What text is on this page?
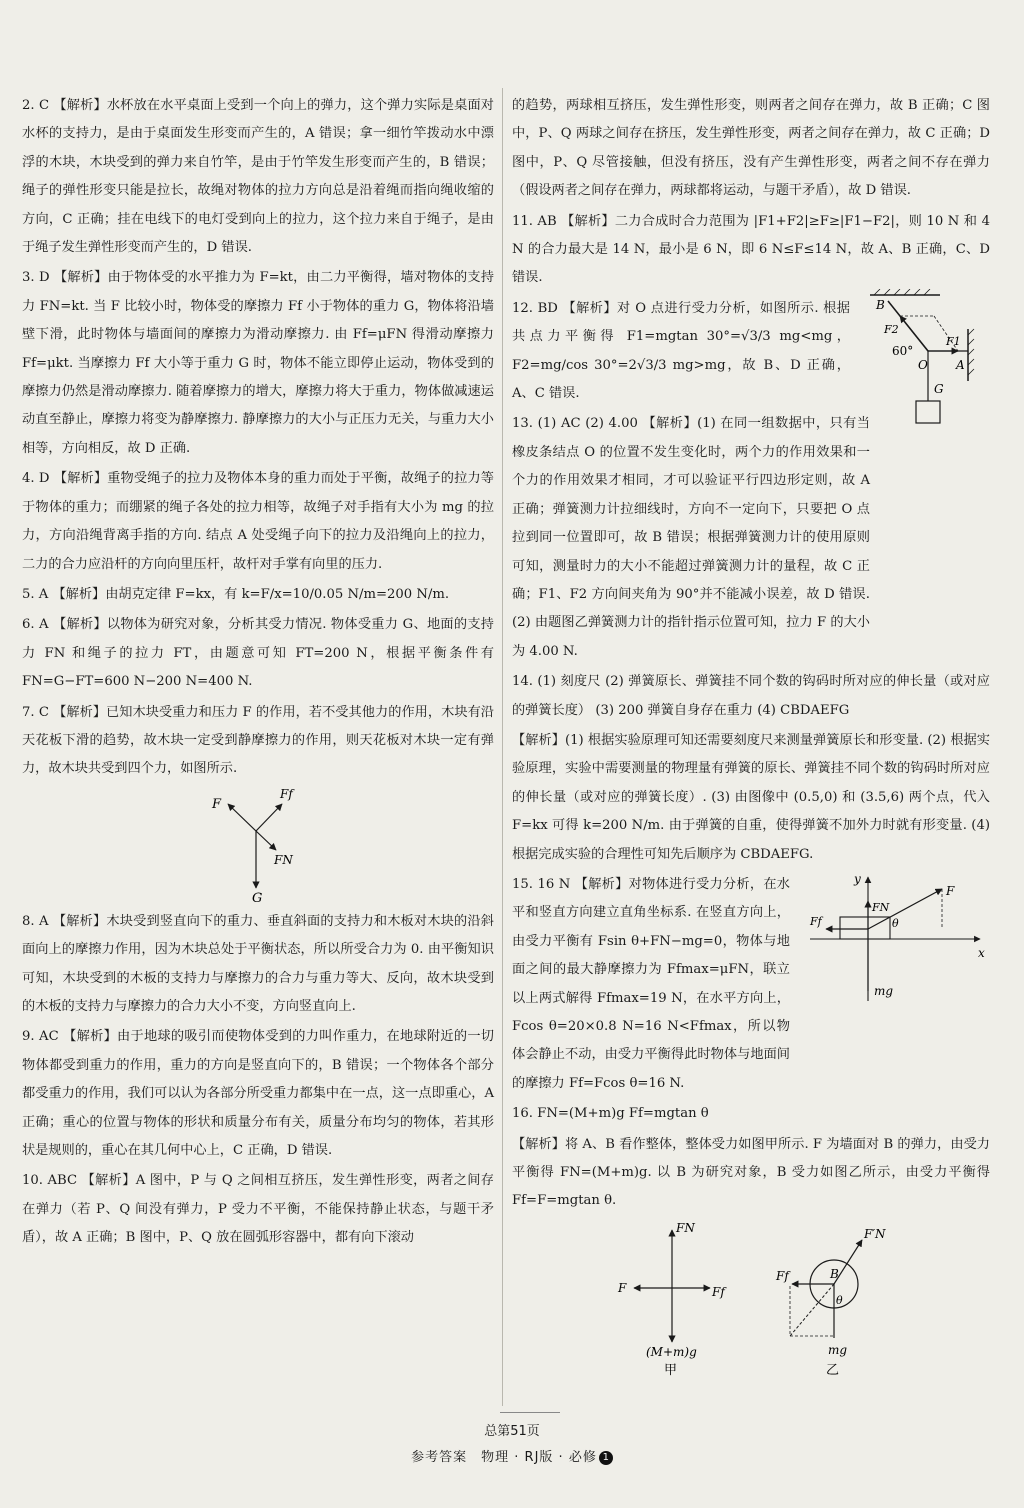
2. C 【解析】水杯放在水平桌面上受到一个向上的弹力，这个弹力实际是桌面对水杯的支持力，是由于桌面发生形变而产生的，A 错误；拿一细竹竿拨动水中漂浮的木块，木块受到的弹力来自竹竿，是由于竹竿发生形变而产生的，B 错误；绳子的弹性形变只能是拉长，故绳对物体的拉力方向总是沿着绳而指向绳收缩的方向，C 正确；挂在电线下的电灯受到向上的拉力，这个拉力来自于绳子，是由于绳子发生弹性形变而产生的，D 错误.

3. D 【解析】由于物体受的水平推力为 F=kt，由二力平衡得，墙对物体的支持力 FN=kt. 当 F 比较小时，物体受的摩擦力 Ff 小于物体的重力 G，物体将沿墙壁下滑，此时物体与墙面间的摩擦力为滑动摩擦力. 由 Ff=μFN 得滑动摩擦力 Ff=μkt. 当摩擦力 Ff 大小等于重力 G 时，物体不能立即停止运动，物体受到的摩擦力仍然是滑动摩擦力. 随着摩擦力的增大，摩擦力将大于重力，物体做减速运动直至静止，摩擦力将变为静摩擦力. 静摩擦力的大小与正压力无关，与重力大小相等，方向相反，故 D 正确.

4. D 【解析】重物受绳子的拉力及物体本身的重力而处于平衡，故绳子的拉力等于物体的重力；而绷紧的绳子各处的拉力相等，故绳子对手指有大小为 mg 的拉力，方向沿绳背离手指的方向. 结点 A 处受绳子向下的拉力及沿绳向上的拉力，二力的合力应沿杆的方向向里压杆，故杆对手掌有向里的压力.

5. A 【解析】由胡克定律 F=kx，有 k=F/x=10/0.05 N/m=200 N/m.

6. A 【解析】以物体为研究对象，分析其受力情况. 物体受重力 G、地面的支持力 FN 和绳子的拉力 FT，由题意可知 FT=200 N，根据平衡条件有 FN=G−FT=600 N−200 N=400 N.

7. C 【解析】已知木块受重力和压力 F 的作用，若不受其他力的作用，木块有沿天花板下滑的趋势，故木块一定受到静摩擦力的作用，则天花板对木块一定有弹力，故木块共受到四个力，如图所示.

F
Ff
FN
G

8. A 【解析】木块受到竖直向下的重力、垂直斜面的支持力和木板对木块的沿斜面向上的摩擦力作用，因为木块总处于平衡状态，所以所受合力为 0. 由平衡知识可知，木块受到的木板的支持力与摩擦力的合力与重力等大、反向，故木块受到的木板的支持力与摩擦力的合力大小不变，方向竖直向上.

9. AC 【解析】由于地球的吸引而使物体受到的力叫作重力，在地球附近的一切物体都受到重力的作用，重力的方向是竖直向下的，B 错误；一个物体各个部分都受重力的作用，我们可以认为各部分所受重力都集中在一点，这一点即重心，A 正确；重心的位置与物体的形状和质量分布有关，质量分布均匀的物体，若其形状是规则的，重心在其几何中心上，C 正确，D 错误.

10. ABC 【解析】A 图中，P 与 Q 之间相互挤压，发生弹性形变，两者之间存在弹力（若 P、Q 间没有弹力，P 受力不平衡，不能保持静止状态，与题干矛盾），故 A 正确；B 图中，P、Q 放在圆弧形容器中，都有向下滚动

的趋势，两球相互挤压，发生弹性形变，则两者之间存在弹力，故 B 正确；C 图中，P、Q 两球之间存在挤压，发生弹性形变，两者之间存在弹力，故 C 正确；D 图中，P、Q 尽管接触，但没有挤压，没有产生弹性形变，两者之间不存在弹力（假设两者之间存在弹力，两球都将运动，与题干矛盾），故 D 错误.

11. AB 【解析】二力合成时合力范围为 |F1+F2|≥F≥|F1−F2|，则 10 N 和 4 N 的合力最大是 14 N，最小是 6 N，即 6 N≤F≤14 N，故 A、B 正确，C、D 错误.

12. BD 【解析】对 O 点进行受力分析，如图所示. 根据共点力平衡得 F1=mgtan 30°=√3/3 mg<mg，F2=mg/cos 30°=2√3/3 mg>mg，故 B、D 正确，A、C 错误.

B
F2
60°
O
F1
A
G

13. (1) AC (2) 4.00 【解析】(1) 在同一组数据中，只有当橡皮条结点 O 的位置不发生变化时，两个力的作用效果和一个力的作用效果才相同，才可以验证平行四边形定则，故 A 正确；弹簧测力计拉细线时，方向不一定向下，只要把 O 点拉到同一位置即可，故 B 错误；根据弹簧测力计的使用原则可知，测量时力的大小不能超过弹簧测力计的量程，故 C 正确；F1、F2 方向间夹角为 90°并不能减小误差，故 D 错误. (2) 由题图乙弹簧测力计的指针指示位置可知，拉力 F 的大小为 4.00 N.

14. (1) 刻度尺 (2) 弹簧原长、弹簧挂不同个数的钩码时所对应的伸长量（或对应的弹簧长度） (3) 200 弹簧自身存在重力 (4) CBDAEFG

【解析】(1) 根据实验原理可知还需要刻度尺来测量弹簧原长和形变量. (2) 根据实验原理，实验中需要测量的物理量有弹簧的原长、弹簧挂不同个数的钩码时所对应的伸长量（或对应的弹簧长度）. (3) 由图像中 (0.5,0) 和 (3.5,6) 两个点，代入 F=kx 可得 k=200 N/m. 由于弹簧的自重，使得弹簧不加外力时就有形变量. (4) 根据完成实验的合理性可知先后顺序为 CBDAEFG.

15. 16 N 【解析】对物体进行受力分析，在水平和竖直方向建立直角坐标系. 在竖直方向上，由受力平衡有 Fsin θ+FN−mg=0，物体与地面之间的最大静摩擦力为 Ffmax=μFN，联立以上两式解得 Ffmax=19 N，在水平方向上，Fcos θ=20×0.8 N=16 N<Ffmax，所以物体会静止不动，由受力平衡得此时物体与地面间的摩擦力 Ff=Fcos θ=16 N.

y
F
FN
θ
Ff
x
mg

16. FN=(M+m)g Ff=mgtan θ

【解析】将 A、B 看作整体，整体受力如图甲所示. F 为墙面对 B 的弹力，由受力平衡得 FN=(M+m)g. 以 B 为研究对象，B 受力如图乙所示，由受力平衡得 Ff=F=mgtan θ.

FN
F	Ff
(M+m)g
甲
F′N
Ff	B
θ
mg
乙
总第51页
参考答案　物理 · RJ版 · 必修 1
